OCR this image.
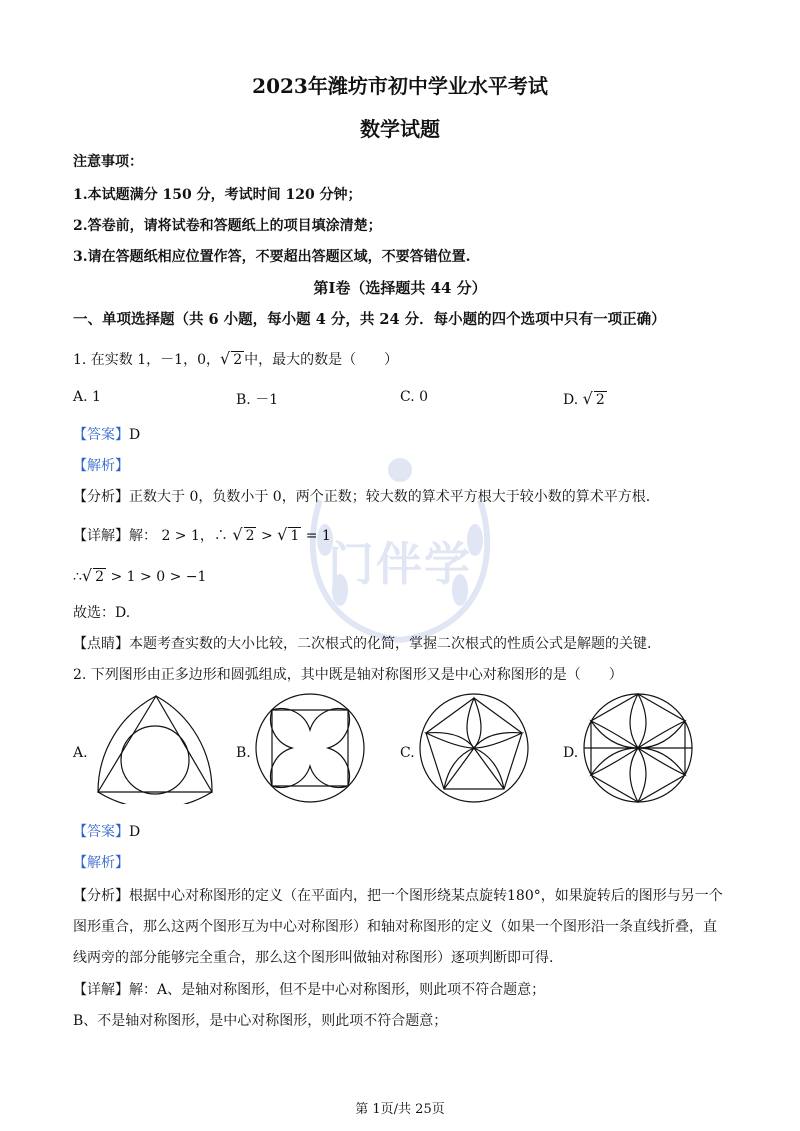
门伴学
2023年潍坊市初中学业水平考试
数学试题
注意事项：
1.本试题满分 150 分，考试时间 120 分钟；
2.答卷前，请将试卷和答题纸上的项目填涂清楚；
3.请在答题纸相应位置作答，不要超出答题区域，不要答错位置.
第Ⅰ卷（选择题共 44 分）
一、单项选择题（共 6 小题，每小题 4 分，共 24 分．每小题的四个选项中只有一项正确）
1. 在实数 1，－1，0，√ 2 中，最大的数是（　　）
A. 1	B. －1	C. 0	D. √ 2
【答案】D
【解析】
【分析】正数大于 0，负数小于 0，两个正数；较大数的算术平方根大于较小数的算术平方根.
【详解】解： 2 > 1，∴ √ 2 > √ 1 = 1
∴√ 2 > 1 > 0 > −1
故选：D.
【点睛】本题考查实数的大小比较，二次根式的化简，掌握二次根式的性质公式是解题的关键.
2. 下列图形由正多边形和圆弧组成，其中既是轴对称图形又是中心对称图形的是（　　）
A.	B.	C.	D.
【答案】D
【解析】
【分析】根据中心对称图形的定义（在平面内，把一个图形绕某点旋转180°，如果旋转后的图形与另一个
图形重合，那么这两个图形互为中心对称图形）和轴对称图形的定义（如果一个图形沿一条直线折叠，直
线两旁的部分能够完全重合，那么这个图形叫做轴对称图形）逐项判断即可得.
【详解】解：A、是轴对称图形，但不是中心对称图形，则此项不符合题意；
B、不是轴对称图形，是中心对称图形，则此项不符合题意；
第 1页/共 25页
